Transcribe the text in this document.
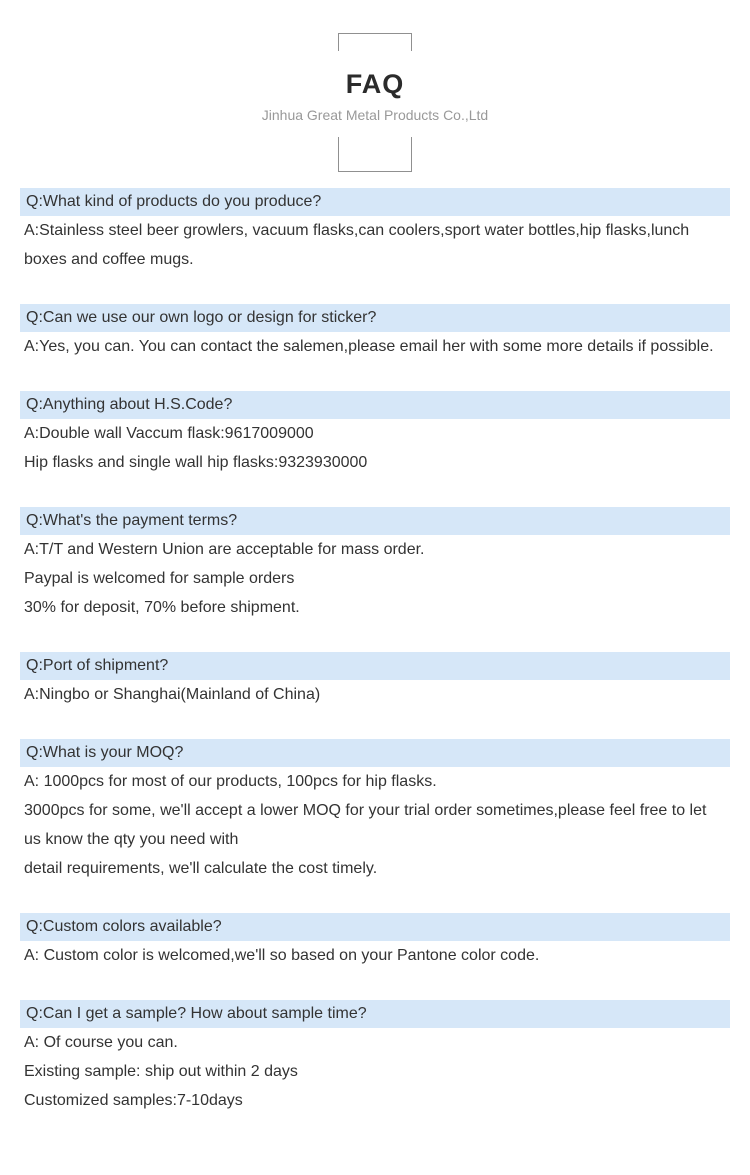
FAQ
Jinhua Great Metal Products Co.,Ltd
Q:What kind of products do you produce?
A:Stainless steel beer growlers, vacuum flasks,can coolers,sport water bottles,hip flasks,lunch
boxes and coffee mugs.
Q:Can we use our own logo or design for sticker?
A:Yes, you can. You can contact the salemen,please email her with some more details if possible.
Q:Anything about H.S.Code?
A:Double wall Vaccum flask:9617009000
Hip flasks and single wall hip flasks:9323930000
Q:What's the payment terms?
A:T/T and Western Union are acceptable for mass order.
Paypal is welcomed for sample orders
30% for deposit, 70% before shipment.
Q:Port of shipment?
A:Ningbo or Shanghai(Mainland of China)
Q:What is your MOQ?
A: 1000pcs for most of our products, 100pcs for hip flasks.
3000pcs for some, we'll accept a lower MOQ for your trial order sometimes,please feel free to let
us know the qty you need with
detail requirements, we'll calculate the cost timely.
Q:Custom colors available?
A: Custom color is welcomed,we'll so based on your Pantone color code.
Q:Can I get a sample? How about sample time?
A: Of course you can.
Existing sample: ship out within 2 days
Customized samples:7-10days
